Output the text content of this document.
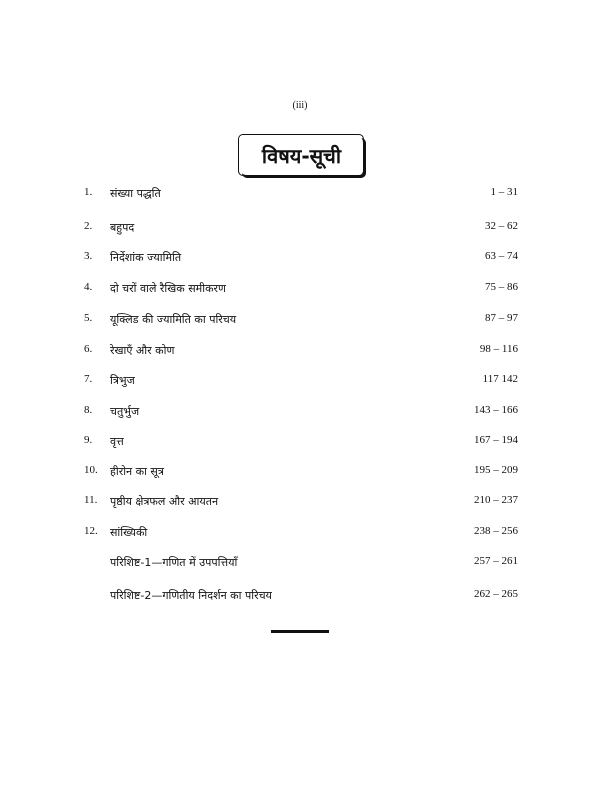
(iii)
विषय-सूची
1. संख्या पद्धति	1 – 31
2. बहुपद	32 – 62
3. निर्देशांक ज्यामिति	63 – 74
4. दो चरों वाले रैखिक समीकरण	75 – 86
5. यूक्लिड की ज्यामिति का परिचय	87 – 97
6. रेखाएँ और कोण	98 – 116
7. त्रिभुज	117 142
8. चतुर्भुज	143 – 166
9. वृत्त	167 – 194
10. हीरोन का सूत्र	195 – 209
11. पृष्ठीय क्षेत्रफल और आयतन	210 – 237
12. सांख्यिकी	238 – 256
परिशिष्ट-1—गणित में उपपत्तियाँ	257 – 261
परिशिष्ट-2—गणितीय निदर्शन का परिचय	262 – 265
